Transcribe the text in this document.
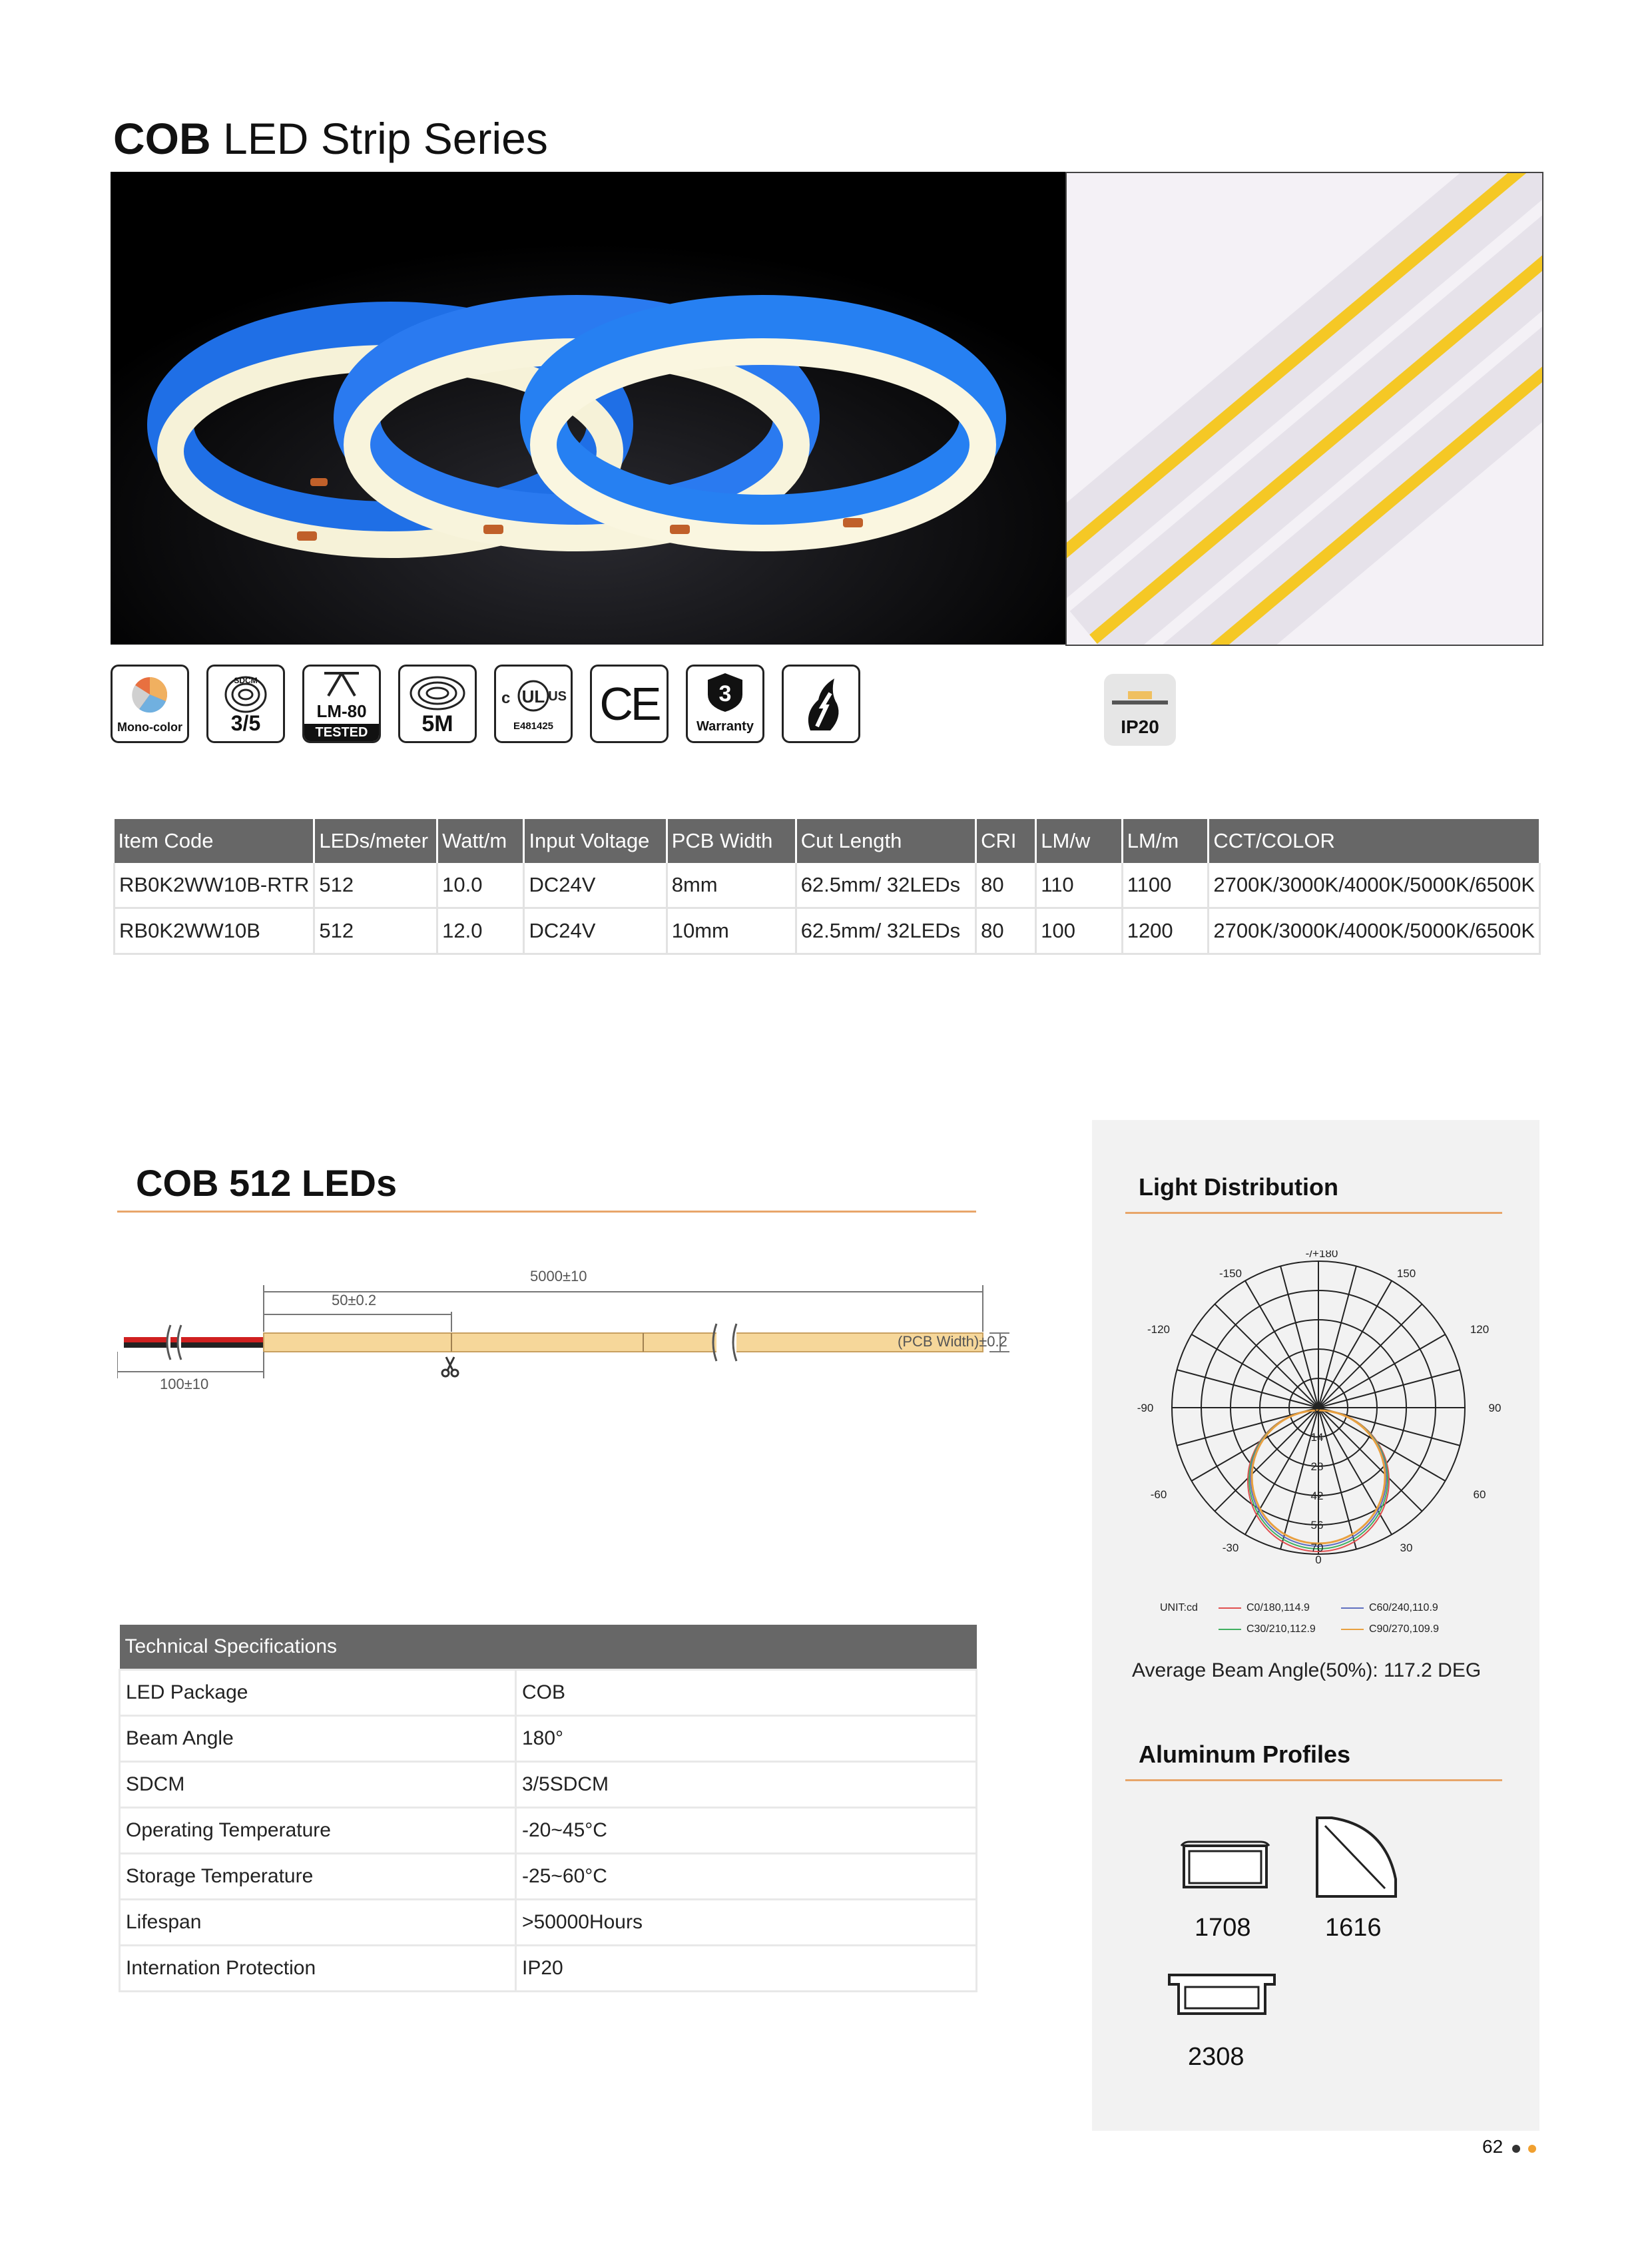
COB LED Strip Series
Mono-color
SDCM
3/5	LM-80
TESTED	5M
UL
c	US
E481425 CE	3
Warranty	IP20
Item Code	LEDs/meter	Watt/m	Input Voltage	PCB Width	Cut Length	CRI	LM/w	LM/m	CCT/COLOR
RB0K2WW10B-RTR	512	10.0	DC24V	8mm	62.5mm/ 32LEDs	80	110	1100	2700K/3000K/4000K/5000K/6500K
RB0K2WW10B	512	12.0	DC24V	10mm	62.5mm/ 32LEDs	80	100	1200	2700K/3000K/4000K/5000K/6500K
COB 512 LEDs
5000±10
50±0.2
100±10
(PCB Width)±0.2
Technical Specifications	
LED Package	COB
Beam Angle	180°
SDCM	3/5SDCM
Operating Temperature	-20~45°C
Storage Temperature	-25~60°C
Lifespan	>50000Hours
Internation Protection	IP20
Light Distribution
-/+180
-150	150
-120	120
-90	90
-60	60
-30	30
0
0
14
28
42
56
70
UNIT:cd	C0/180,114.9	C60/240,110.9
C30/210,112.9	C90/270,109.9
Average Beam Angle(50%): 117.2 DEG
Aluminum Profiles
1708	1616
2308
62
